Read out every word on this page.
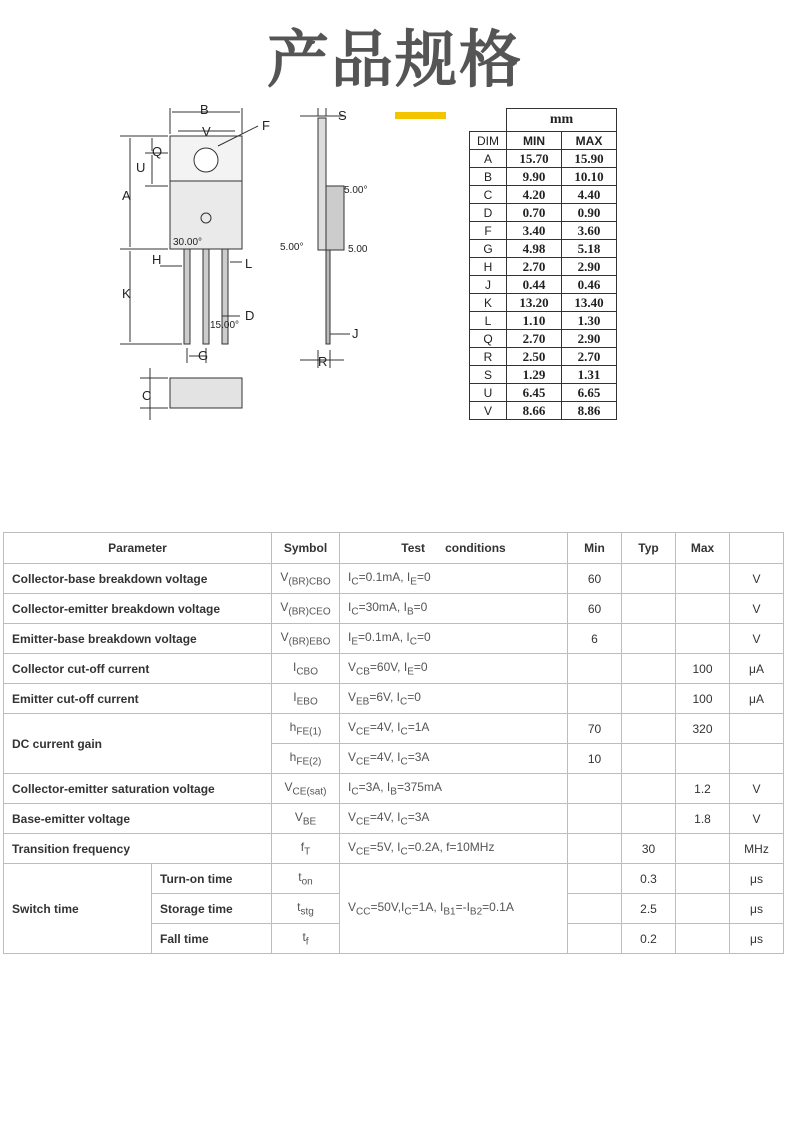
产品规格
B
V	F
Q
U
A
H
K
L
D
G
C
S
J
R
30.00°
15.00°
5.00°
5.00°	5.00
	mm	
DIM	MIN	MAX
A	15.70	15.90
B	9.90	10.10
C	4.20	4.40
D	0.70	0.90
F	3.40	3.60
G	4.98	5.18
H	2.70	2.90
J	0.44	0.46
K	13.20	13.40
L	1.10	1.30
Q	2.70	2.90
R	2.50	2.70
S	1.29	1.31
U	6.45	6.65
V	8.66	8.86
Parameter		Symbol	Test conditions	Min	Typ	Max	
Collector-base breakdown voltage		$V_{(BR)CBO}$	$I_C=0.1mA$, $I_E=0$	60			V
Collector-emitter breakdown voltage		$V_{(BR)CEO}$	$I_C=30mA$, $I_B=0$	60			V
Emitter-base breakdown voltage		$V_{(BR)EBO}$	$I_E=0.1mA$, $I_C=0$	6			V
Collector cut-off current		$I_{CBO}$	$V_{CB}=60V$, $I_E=0$			100	μA
Emitter cut-off current		$I_{EBO}$	$V_{EB}=6V$, $I_C=0$			100	μA
DC current gain		$h_{FE(1)}$	$V_{CE}=4V$, $I_C=1A$	70		320	
		$h_{FE(2)}$	$V_{CE}=4V$, $I_C=3A$	10			
Collector-emitter saturation voltage		$V_{CE(sat)}$	$I_C=3A$, $I_B=375mA$			1.2	V
Base-emitter voltage		$V_{BE}$	$V_{CE}=4V$, $I_C=3A$			1.8	V
Transition frequency		$f_T$	$V_{CE}=5V$, $I_C=0.2A$, f=10MHz		30		MHz
Switch time	Turn-on time	$t_{on}$	$V_{CC}=50V,I_C=1A$, $I_{B1}=-I_{B2}=0.1A$		0.3		μs
	Storage time	$t_{stg}$			2.5		μs
	Fall time	$t_f$			0.2		μs
